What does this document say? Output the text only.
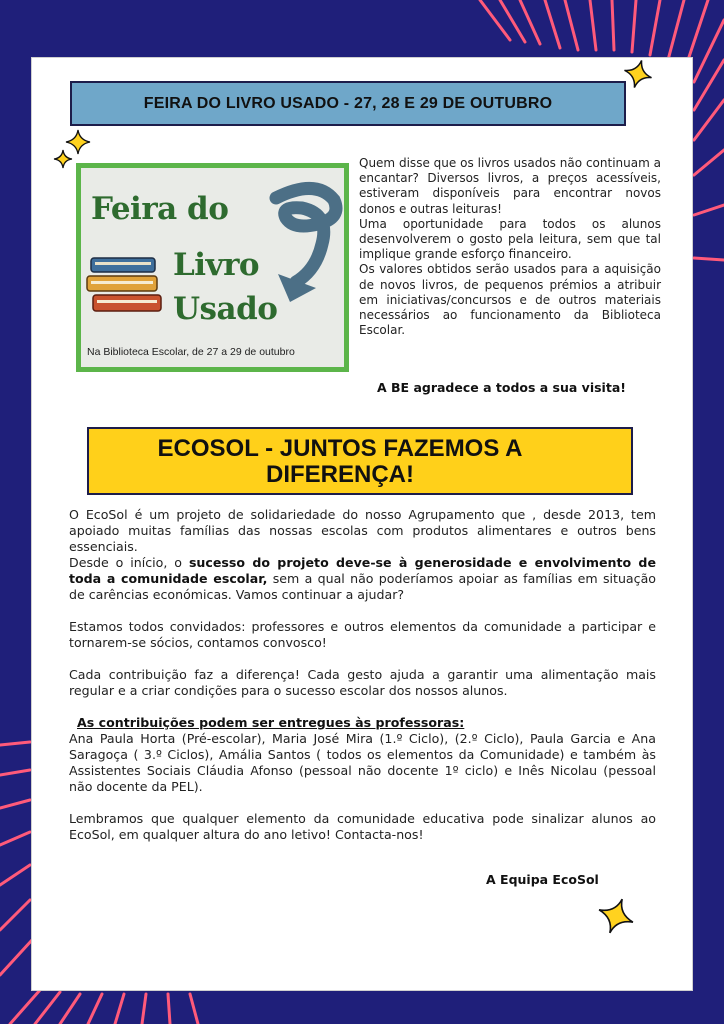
FEIRA DO LIVRO USADO - 27, 28 E 29 DE OUTUBRO
Feira do
Livro
Usado
Na Biblioteca Escolar, de 27 a 29 de outubro

Quem disse que os livros usados não continuam a encantar? Diversos livros, a preços acessíveis, estiveram disponíveis para encontrar novos donos e outras leituras!

Uma oportunidade para todos os alunos desenvolverem o gosto pela leitura, sem que tal implique grande esforço financeiro.

Os valores obtidos serão usados para a aquisição de novos livros, de pequenos prémios a atribuir em iniciativas/concursos e de outros materiais necessários ao funcionamento da Biblioteca Escolar.

A BE agradece a todos a sua visita!
ECOSOL - JUNTOS FAZEMOS A
DIFERENÇA!

O EcoSol é um projeto de solidariedade do nosso Agrupamento que , desde 2013, tem apoiado muitas famílias das nossas escolas com produtos alimentares e outros bens essenciais.

Desde o início, o sucesso do projeto deve-se à generosidade e envolvimento de toda a comunidade escolar, sem a qual não poderíamos apoiar as famílias em situação de carências económicas. Vamos continuar a ajudar?

Estamos todos convidados: professores e outros elementos da comunidade a participar e tornarem-se sócios, contamos convosco!

Cada contribuição faz a diferença! Cada gesto ajuda a garantir uma alimentação mais regular e a criar condições para o sucesso escolar dos nossos alunos.

As contribuições podem ser entregues às professoras:

Ana Paula Horta (Pré-escolar), Maria José Mira (1.º Ciclo), (2.º Ciclo), Paula Garcia e Ana Saragoça ( 3.º Ciclos), Amália Santos ( todos os elementos da Comunidade) e também às Assistentes Sociais Cláudia Afonso (pessoal não docente 1º ciclo) e Inês Nicolau (pessoal não docente da PEL).

Lembramos que qualquer elemento da comunidade educativa pode sinalizar alunos ao EcoSol, em qualquer altura do ano letivo! Contacta-nos!

A Equipa EcoSol
